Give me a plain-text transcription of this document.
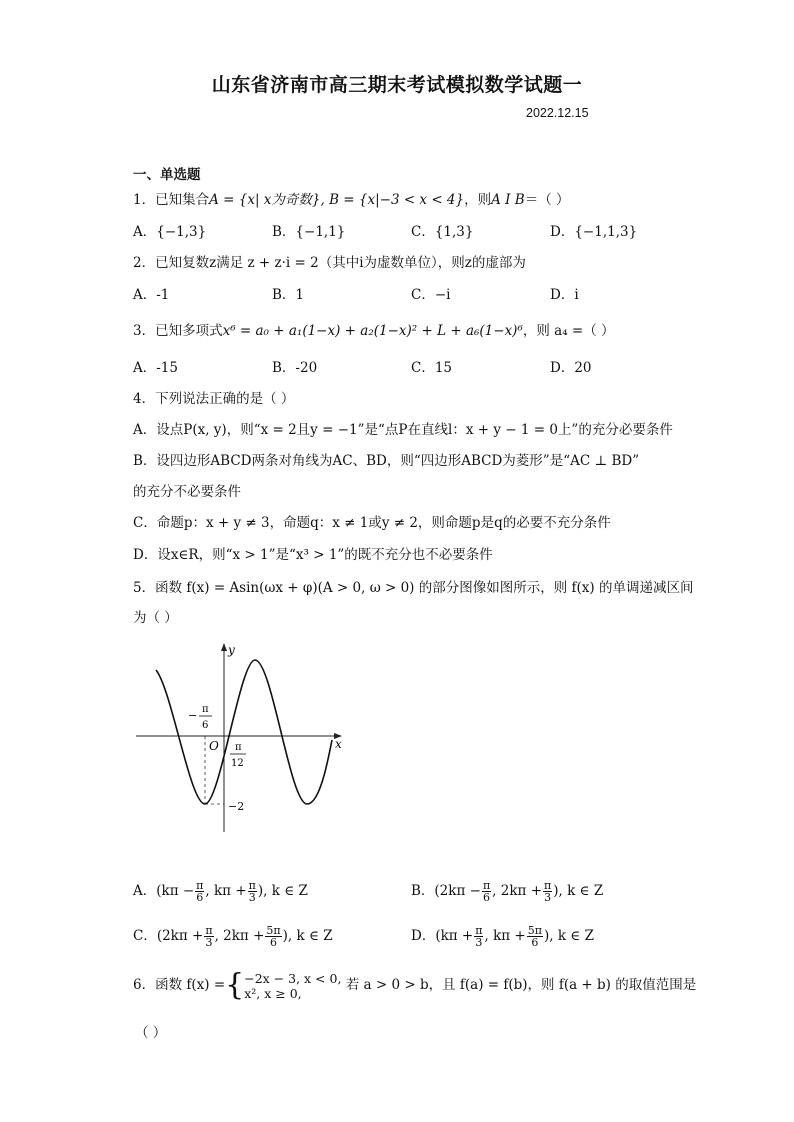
山东省济南市高三期末考试模拟数学试题一
2022.12.15
一、单选题
1．已知集合A = {x| x为奇数}, B = {x|−3 < x < 4}，则A I B＝（ ）
A．{−1,3}	B．{−1,1}	C．{1,3}	D．{−1,1,3}
2．已知复数z满足 z + z·i = 2（其中i为虚数单位），则z的虚部为
A．-1	B．1	C．−i	D．i
3．已知多项式x⁶ = a₀ + a₁(1−x) + a₂(1−x)² + L + a₆(1−x)⁶，则 a₄ =（ ）
A．-15	B．-20	C．15	D．20
4．下列说法正确的是（ ）
A．设点P(x, y)，则“x = 2且y = −1”是“点P在直线l：x + y − 1 = 0上”的充分必要条件
B．设四边形ABCD两条对角线为AC、BD，则“四边形ABCD为菱形”是“AC ⊥ BD”
的充分不必要条件
C．命题p：x + y ≠ 3，命题q：x ≠ 1或y ≠ 2，则命题p是q的必要不充分条件
D．设x∈R，则“x > 1”是“x³ > 1”的既不充分也不必要条件
5．函数 f(x) = Asin(ωx + φ)(A > 0, ω > 0) 的部分图像如图所示，则 f(x) 的单调递减区间
为（ ）
y
x
O
− π
6
π
12
−2
A．($k\pi - \frac{\pi}{6}$ , $k\pi + \frac{\pi}{3}$ ), k ∈ Z	B．($2k\pi - \frac{\pi}{6}$ , $2k\pi + \frac{\pi}{3}$ ), k ∈ Z
C．($2k\pi + \frac{\pi}{3}$ , $2k\pi + \frac{5\pi}{6}$ ), k ∈ Z	D．($k\pi + \frac{\pi}{3}$ , $k\pi + \frac{5\pi}{6}$ ), k ∈ Z
6．函数 f(x) ={ −2x − 3, x < 0,
x², x ≥ 0,	若 a > 0 > b，且 f(a) = f(b)，则 f(a + b) 的取值范围是
（ ）
